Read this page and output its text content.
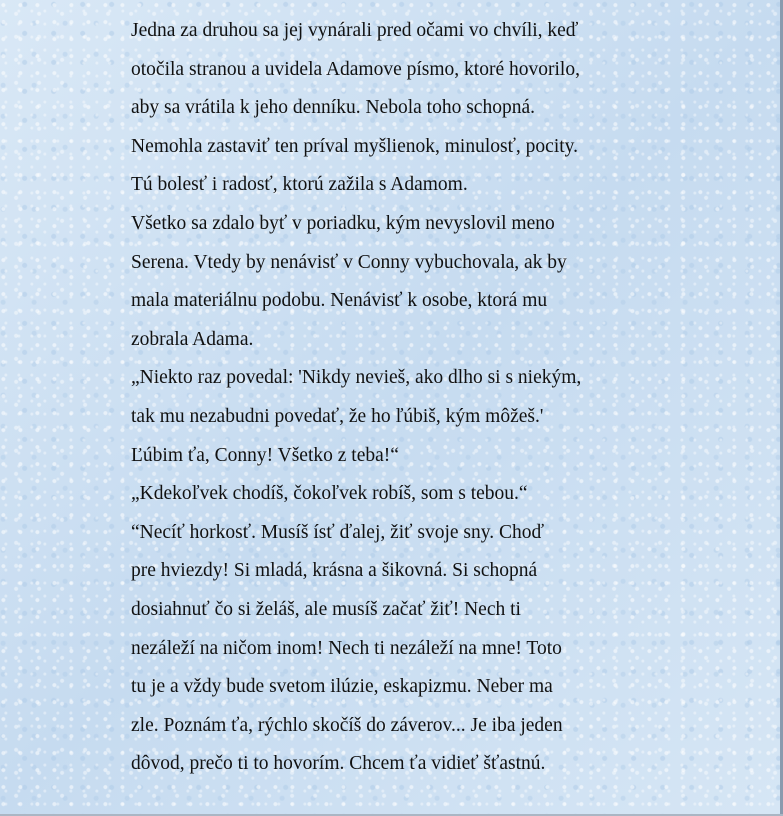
Jedna za druhou sa jej vynárali pred očami vo chvíli, keď
otočila stranou a uvidela Adamove písmo, ktoré hovorilo,
aby sa vrátila k jeho denníku. Nebola toho schopná.
Nemohla zastaviť ten príval myšlienok, minulosť, pocity.
Tú bolesť i radosť, ktorú zažila s Adamom.
Všetko sa zdalo byť v poriadku, kým nevyslovil meno
Serena. Vtedy by nenávisť v Conny vybuchovala, ak by
mala materiálnu podobu. Nenávisť k osobe, ktorá mu
zobrala Adama.
„Niekto raz povedal: 'Nikdy nevieš, ako dlho si s niekým,
tak mu nezabudni povedať, že ho ľúbiš, kým môžeš.'
Ľúbim ťa, Conny! Všetko z teba!“
„Kdekoľvek chodíš, čokoľvek robíš, som s tebou.“
“Necíť horkosť. Musíš ísť ďalej, žiť svoje sny. Choď
pre hviezdy! Si mladá, krásna a šikovná. Si schopná
dosiahnuť čo si želáš, ale musíš začať žiť! Nech ti
nezáleží na ničom inom! Nech ti nezáleží na mne! Toto
tu je a vždy bude svetom ilúzie, eskapizmu. Neber ma
zle. Poznám ťa, rýchlo skočíš do záverov... Je iba jeden
dôvod, prečo ti to hovorím. Chcem ťa vidieť šťastnú.
